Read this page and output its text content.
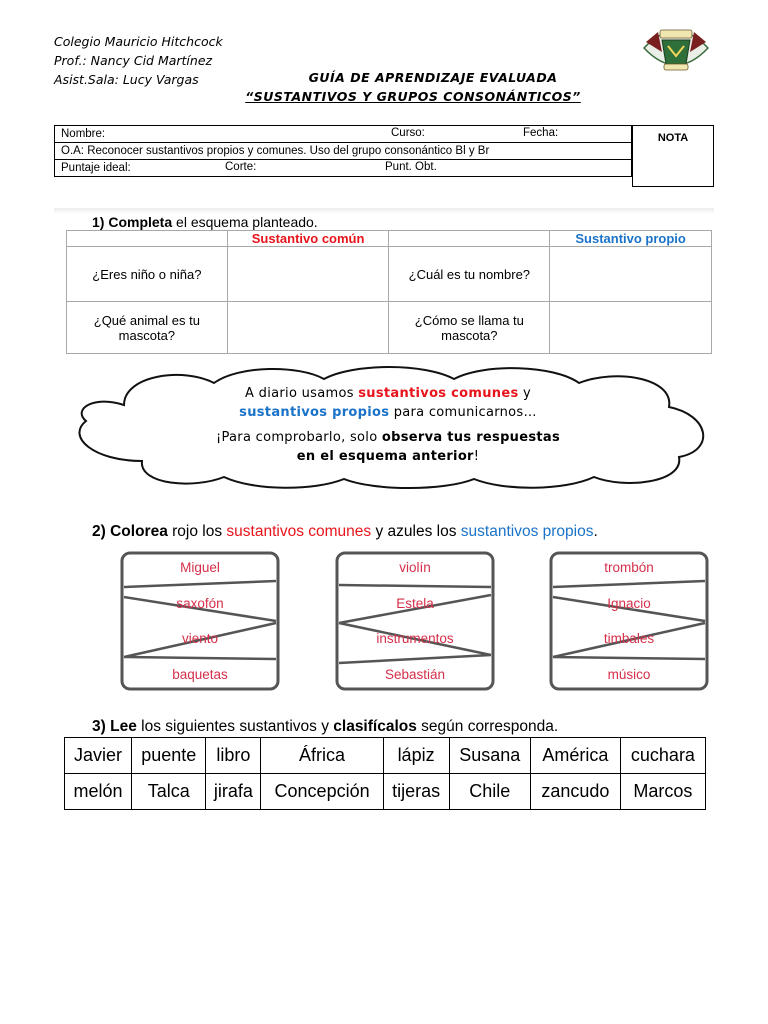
Colegio Mauricio Hitchcock
Prof.: Nancy Cid Martínez
Asist.Sala: Lucy Vargas	GUÍA DE APRENDIZAJE EVALUADA
“SUSTANTIVOS Y GRUPOS CONSONÁNTICOS”
Nombre:	Curso:	Fecha:

O.A: Reconocer sustantivos propios y comunes. Uso del grupo consonántico Bl y Br
Puntaje ideal:	Corte:	Punt. Obt.
NOTA
1) Completa el esquema planteado.
	Sustantivo común		Sustantivo propio
¿Eres niño o niña?		¿Cuál es tu nombre?	
¿Qué animal es tu mascota?		¿Cómo se llama tu mascota?	
A diario usamos sustantivos comunes y
sustantivos propios para comunicarnos…
¡Para comprobarlo, solo observa tus respuestas
en el esquema anterior!
2) Colorea rojo los sustantivos comunes y azules los sustantivos propios.
Miguel
saxofón
viento
baquetas
violín
Estela
instrumentos
Sebastián
trombón
Ignacio
timbales
músico
3) Lee los siguientes sustantivos y clasifícalos según corresponda.
Javier	puente	libro	África	lápiz	Susana	América	cuchara
melón	Talca	jirafa	Concepción	tijeras	Chile	zancudo	Marcos
